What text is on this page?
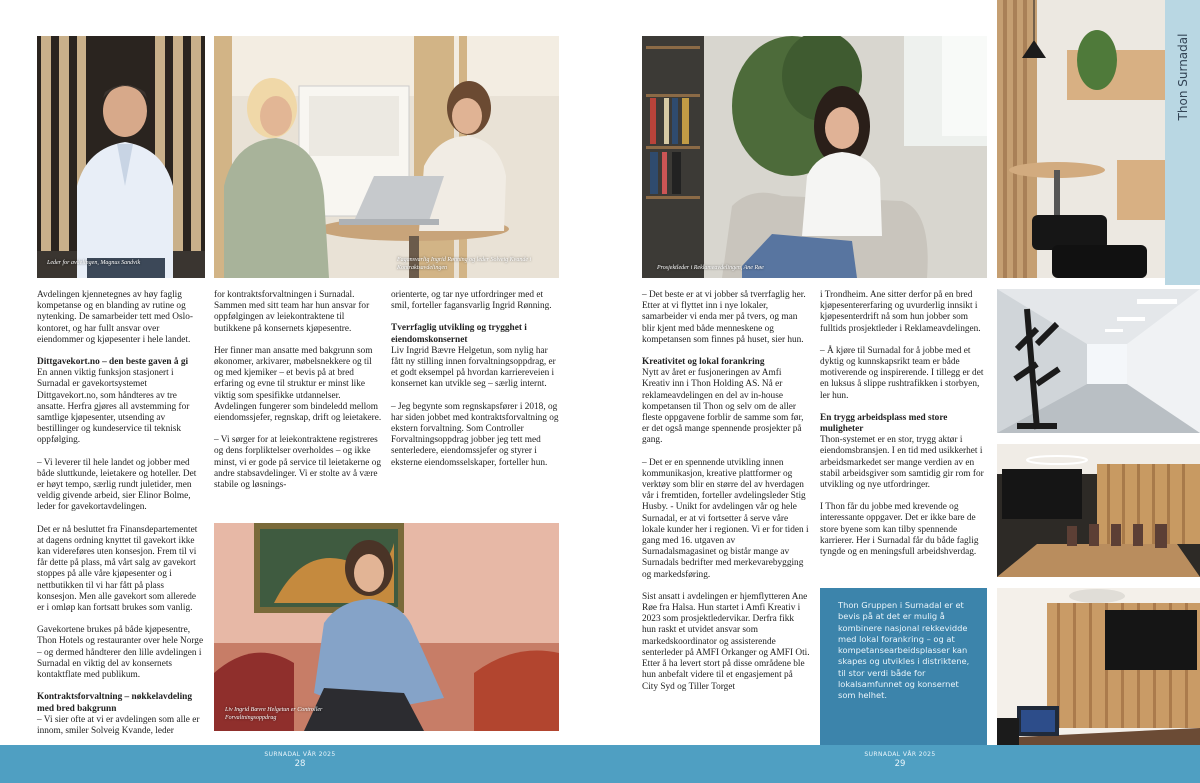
Leder for avdelingen, Magnus Sandvik	Fagansvarlig Ingrid Rønning og leder Solveig Kvande i Kontraktsavdelingen	Prosjektleder i Reklameavdelingen, Ane Røe
Liv Ingrid Bævre Helgetun er Controller Forvaltningsoppdrag
Thon Surnadal

Avdelingen kjennetegnes av høy faglig kompetanse og en blanding av rutine og nytenking. De samarbeider tett med Oslo-kontoret, og har fullt ansvar over eiendommer og kjøpesenter i hele landet.

Dittgavekort.no – den beste gaven å gi

En annen viktig funksjon stasjonert i Surnadal er gavekortsystemet Dittgavekort.no, som håndteres av tre ansatte. Herfra gjøres all avstemming for samtlige kjøpesenter, utsending av bestillinger og kundeservice til teknisk oppfølging.

– Vi leverer til hele landet og jobber med både sluttkunde, leietakere og hoteller. Det er høyt tempo, særlig rundt juletider, men veldig givende arbeid, sier Elinor Bolme, leder for gavekortavdelingen.

Det er nå besluttet fra Finansdepartementet at dagens ordning knyttet til gavekort ikke kan videreføres uten konsesjon. Frem til vi får dette på plass, må vårt salg av gavekort stoppes på alle våre kjøpesenter og i nettbutikken til vi har fått på plass konsesjon. Men alle gavekort som allerede er i omløp kan fortsatt brukes som vanlig.

Gavekortene brukes på både kjøpesentre, Thon Hotels og restauranter over hele Norge – og dermed håndterer den lille avdelingen i Surnadal en viktig del av konsernets kontaktflate med publikum.

Kontraktsforvaltning – nøkkelavdeling med bred bakgrunn

– Vi sier ofte at vi er avdelingen som alle er innom, smiler Solveig Kvande, leder

for kontraktsforvaltningen i Surnadal. Sammen med sitt team har hun ansvar for oppfølgingen av leiekontraktene til butikkene på konsernets kjøpesentre.

Her finner man ansatte med bakgrunn som økonomer, arkivarer, møbelsnekkere og til og med kjemiker – et bevis på at bred erfaring og evne til struktur er minst like viktig som spesifikke utdannelser. Avdelingen fungerer som bindeledd mellom eiendomssjefer, regnskap, drift og leietakere.

– Vi sørger for at leiekontraktene registreres og dens forpliktelser overholdes – og ikke minst, vi er gode på service til leietakerne og andre stabsavdelinger. Vi er stolte av å være stabile og løsnings-

orienterte, og tar nye utfordringer med et smil, forteller fagansvarlig Ingrid Rønning.

Tverrfaglig utvikling og trygghet i eiendomskonsernet

Liv Ingrid Bævre Helgetun, som nylig har fått ny stilling innen forvaltningsoppdrag, er et godt eksempel på hvordan karriereveien i konsernet kan utvikle seg – særlig internt.

– Jeg begynte som regnskapsfører i 2018, og har siden jobbet med kontraktsforvaltning og ekstern forvaltning. Som Controller Forvaltningsoppdrag jobber jeg tett med senterledere, eiendomssjefer og styrer i eksterne eiendomsselskaper, forteller hun.

– Det beste er at vi jobber så tverrfaglig her. Etter at vi flyttet inn i nye lokaler, samarbeider vi enda mer på tvers, og man blir kjent med både menneskene og kompetansen som finnes på huset, sier hun.

Kreativitet og lokal forankring

Nytt av året er fusjoneringen av Amfi Kreativ inn i Thon Holding AS. Nå er reklameavdelingen en del av in-house kompetansen til Thon og selv om de aller fleste oppgavene forblir de samme som før, er det også mange spennende prosjekter på gang.

– Det er en spennende utvikling innen kommunikasjon, kreative plattformer og verktøy som blir en større del av hverdagen vår i fremtiden, forteller avdelingsleder Stig Husby. - Unikt for avdelingen vår og hele Surnadal, er at vi fortsetter å serve våre lokale kunder her i regionen. Vi er for tiden i gang med 16. utgaven av Surnadalsmagasinet og bistår mange av Surnadals bedrifter med merkevarebygging og markedsføring.

Sist ansatt i avdelingen er hjemflytteren Ane Røe fra Halsa. Hun startet i Amfi Kreativ i 2023 som prosjektledervikar. Derfra fikk hun raskt et utvidet ansvar som markedskoordinator og assisterende senterleder på AMFI Orkanger og AMFI Oti. Etter å ha levert stort på disse områdene ble hun anbefalt videre til et engasjement på City Syd og Tiller Torget

i Trondheim. Ane sitter derfor på en bred kjøpesentererfaring og uvurderlig innsikt i kjøpesenterdrift nå som hun jobber som fulltids prosjektleder i Reklameavdelingen.

– Å kjøre til Surnadal for å jobbe med et dyktig og kunnskapsrikt team er både motiverende og inspirerende. I tillegg er det en luksus å slippe rushtrafikken i storbyen, ler hun.

En trygg arbeidsplass med store muligheter

Thon-systemet er en stor, trygg aktør i eiendomsbransjen. I en tid med usikkerhet i arbeidsmarkedet ser mange verdien av en stabil arbeidsgiver som samtidig gir rom for utvikling og nye utfordringer.

I Thon får du jobbe med krevende og interessante oppgaver. Det er ikke bare de store byene som kan tilby spennende karrierer. Her i Surnadal får du både faglig tyngde og en meningsfull arbeidshverdag.

Thon Gruppen i Surnadal er et bevis på at det er mulig å kombinere nasjonal rekkevidde med lokal forankring – og at kompetansearbeidsplasser kan skapes og utvikles i distriktene, til stor verdi både for lokalsamfunnet og konsernet som helhet.

SURNADAL VÅR 2025
28
SURNADAL VÅR 2025
29
